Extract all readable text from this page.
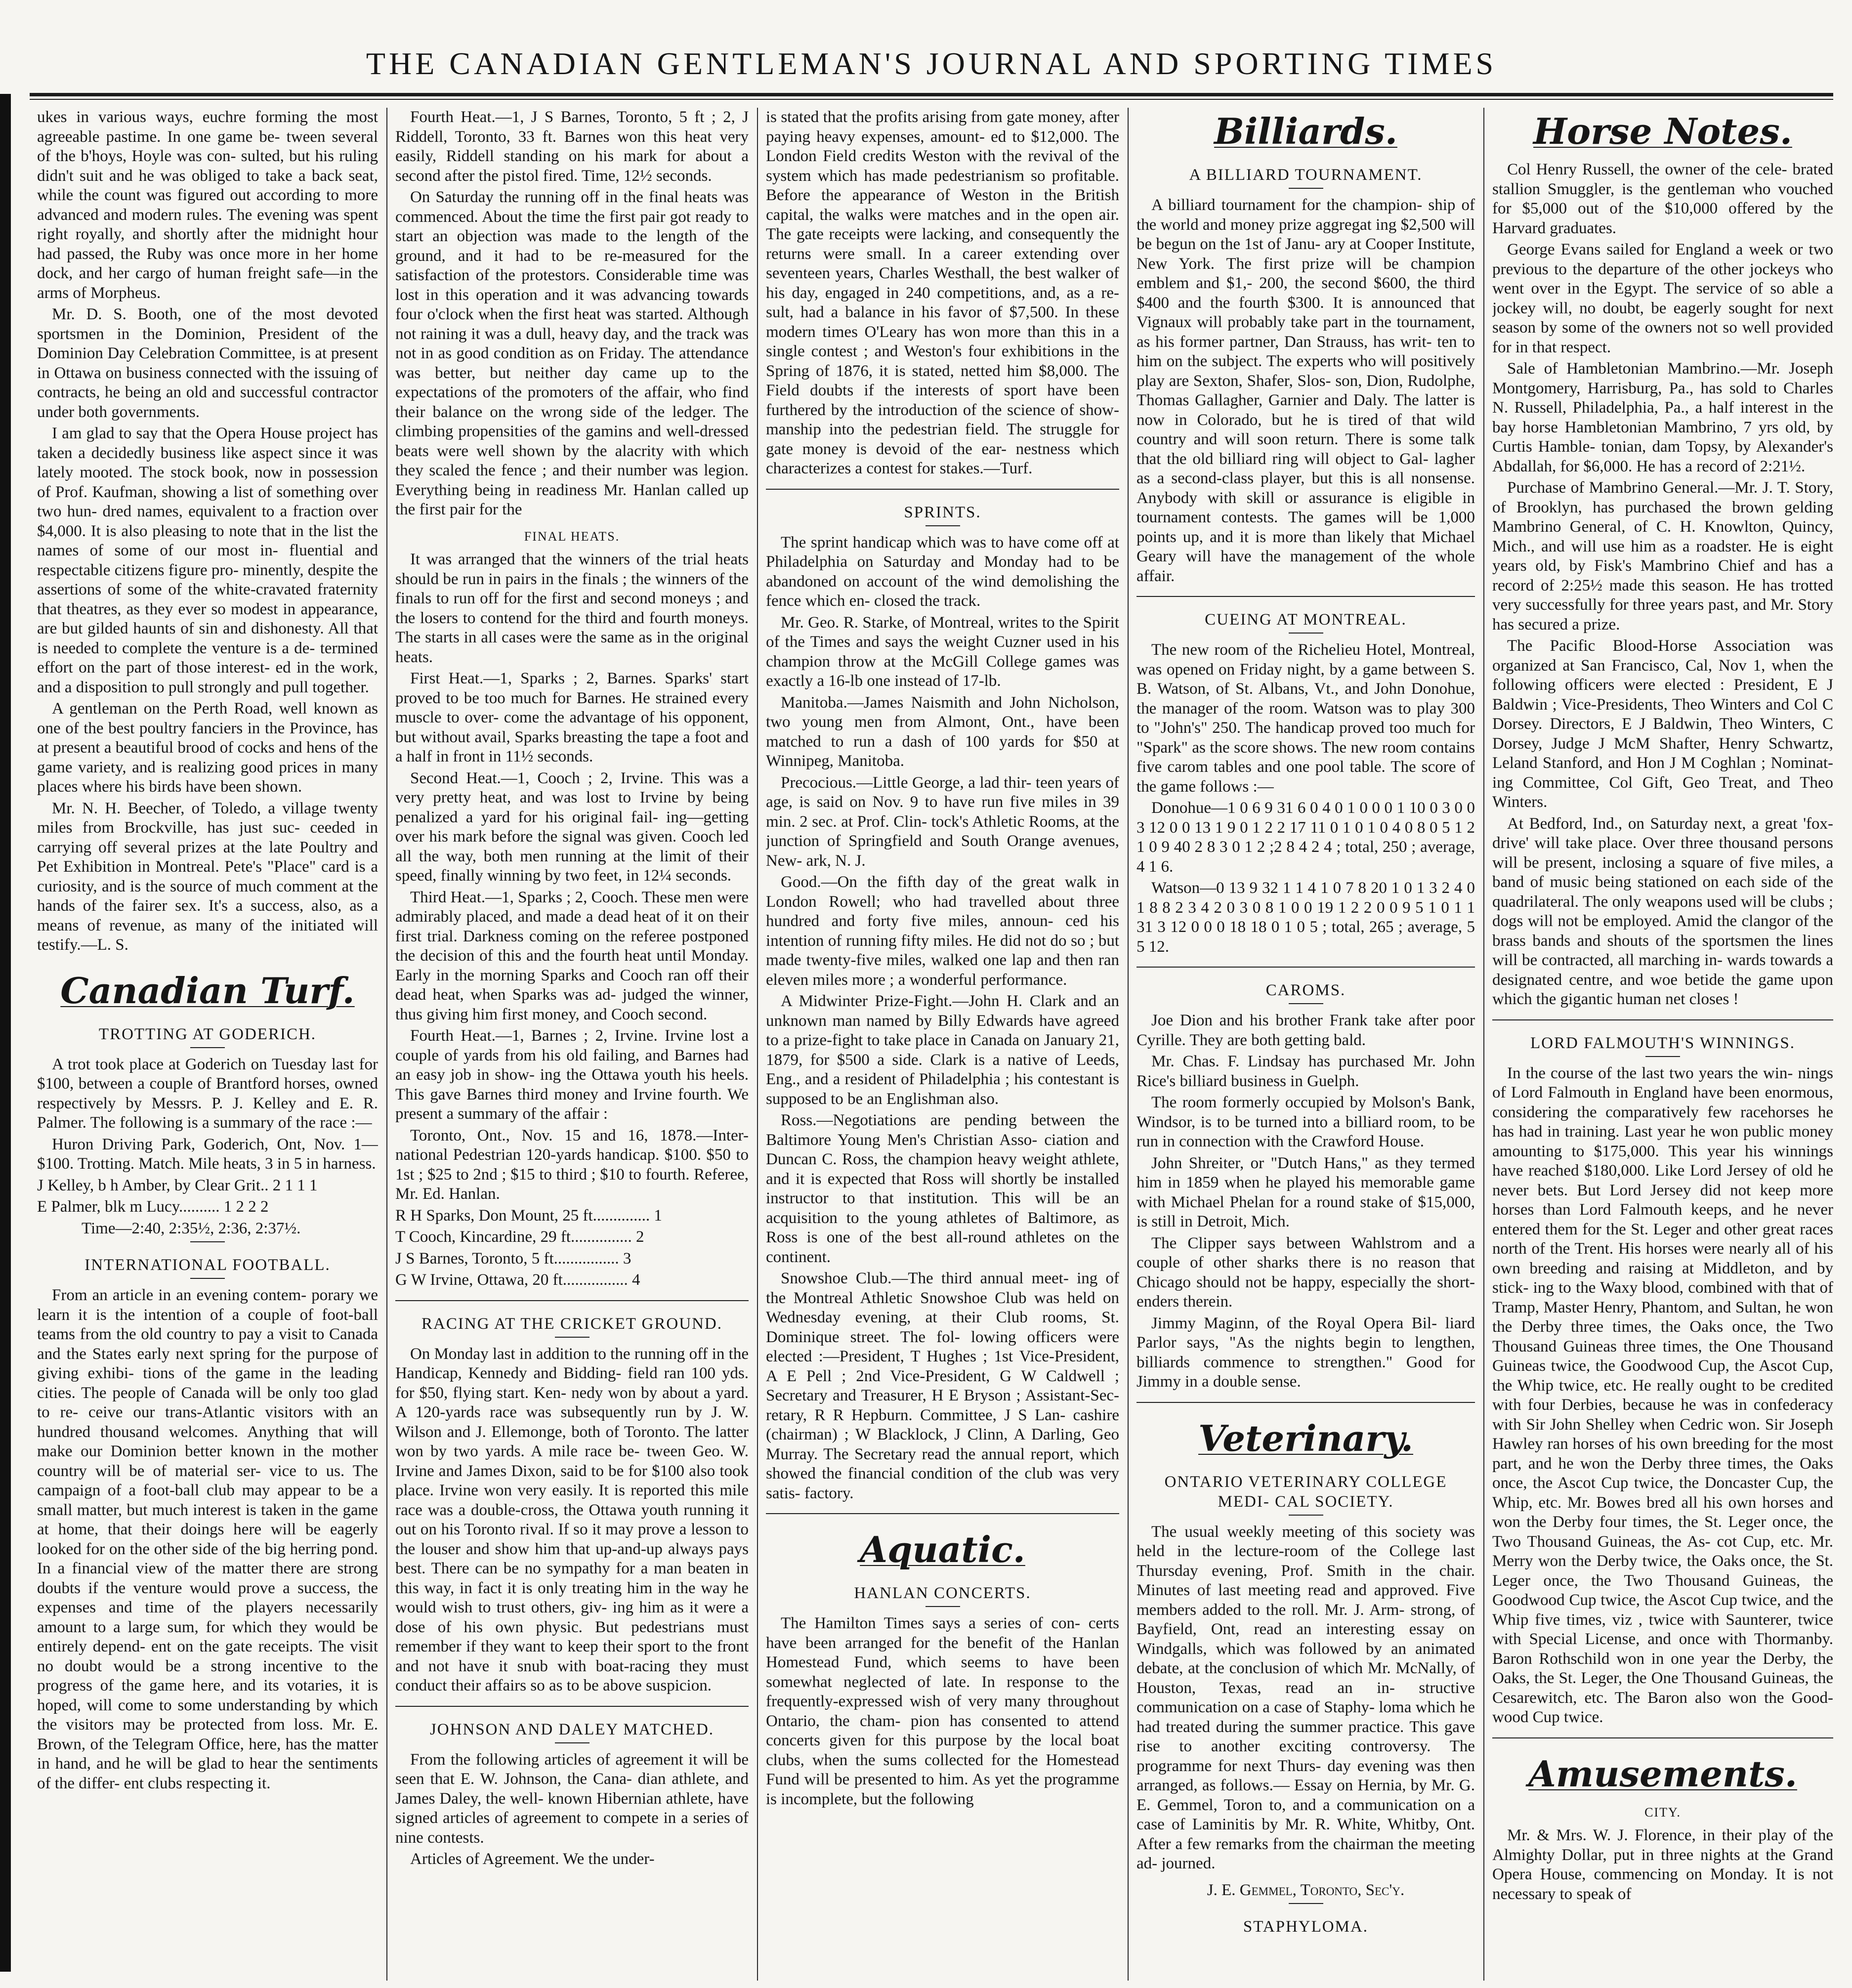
THE CANADIAN GENTLEMAN'S JOURNAL AND SPORTING TIMES

ukes in various ways, euchre forming the most agreeable pastime. In one game be- tween several of the b'hoys, Hoyle was con- sulted, but his ruling didn't suit and he was obliged to take a back seat, while the count was figured out according to more advanced and modern rules. The evening was spent right royally, and shortly after the midnight hour had passed, the Ruby was once more in her home dock, and her cargo of human freight safe—in the arms of Morpheus.

Mr. D. S. Booth, one of the most devoted sportsmen in the Dominion, President of the Dominion Day Celebration Committee, is at present in Ottawa on business connected with the issuing of contracts, he being an old and successful contractor under both governments.

I am glad to say that the Opera House project has taken a decidedly business like aspect since it was lately mooted. The stock book, now in possession of Prof. Kaufman, showing a list of something over two hun- dred names, equivalent to a fraction over $4,000. It is also pleasing to note that in the list the names of some of our most in- fluential and respectable citizens figure pro- minently, despite the assertions of some of the white-cravated fraternity that theatres, as they ever so modest in appearance, are but gilded haunts of sin and dishonesty. All that is needed to complete the venture is a de- termined effort on the part of those interest- ed in the work, and a disposition to pull strongly and pull together.

A gentleman on the Perth Road, well known as one of the best poultry fanciers in the Province, has at present a beautiful brood of cocks and hens of the game variety, and is realizing good prices in many places where his birds have been shown.

Mr. N. H. Beecher, of Toledo, a village twenty miles from Brockville, has just suc- ceeded in carrying off several prizes at the late Poultry and Pet Exhibition in Montreal. Pete's "Place" card is a curiosity, and is the source of much comment at the hands of the fairer sex. It's a success, also, as a means of revenue, as many of the initiated will testify.—L. S.

Canadian Turf.
TROTTING AT GODERICH.

A trot took place at Goderich on Tuesday last for $100, between a couple of Brantford horses, owned respectively by Messrs. P. J. Kelley and E. R. Palmer. The following is a summary of the race :—

Huron Driving Park, Goderich, Ont, Nov. 1—$100. Trotting. Match. Mile heats, 3 in 5 in harness.

J Kelley, b h Amber, by Clear Grit.. 2 1 1 1

E Palmer, blk m Lucy.......... 1 2 2 2

Time—2:40, 2:35½, 2:36, 2:37½.

INTERNATIONAL FOOTBALL.

From an article in an evening contem- porary we learn it is the intention of a couple of foot-ball teams from the old country to pay a visit to Canada and the States early next spring for the purpose of giving exhibi- tions of the game in the leading cities. The people of Canada will be only too glad to re- ceive our trans-Atlantic visitors with an hundred thousand welcomes. Anything that will make our Dominion better known in the mother country will be of material ser- vice to us. The campaign of a foot-ball club may appear to be a small matter, but much interest is taken in the game at home, that their doings here will be eagerly looked for on the other side of the big herring pond. In a financial view of the matter there are strong doubts if the venture would prove a success, the expenses and time of the players necessarily amount to a large sum, for which they would be entirely depend- ent on the gate receipts. The visit no doubt would be a strong incentive to the progress of the game here, and its votaries, it is hoped, will come to some understanding by which the visitors may be protected from loss. Mr. E. Brown, of the Telegram Office, here, has the matter in hand, and he will be glad to hear the sentiments of the differ- ent clubs respecting it.

Fourth Heat.—1, J S Barnes, Toronto, 5 ft ; 2, J Riddell, Toronto, 33 ft. Barnes won this heat very easily, Riddell standing on his mark for about a second after the pistol fired. Time, 12½ seconds.

On Saturday the running off in the final heats was commenced. About the time the first pair got ready to start an objection was made to the length of the ground, and it had to be re-measured for the satisfaction of the protestors. Considerable time was lost in this operation and it was advancing towards four o'clock when the first heat was started. Although not raining it was a dull, heavy day, and the track was not in as good condition as on Friday. The attendance was better, but neither day came up to the expectations of the promoters of the affair, who find their balance on the wrong side of the ledger. The climbing propensities of the gamins and well-dressed beats were well shown by the alacrity with which they scaled the fence ; and their number was legion. Everything being in readiness Mr. Hanlan called up the first pair for the

FINAL HEATS.

It was arranged that the winners of the trial heats should be run in pairs in the finals ; the winners of the finals to run off for the first and second moneys ; and the losers to contend for the third and fourth moneys. The starts in all cases were the same as in the original heats.

First Heat.—1, Sparks ; 2, Barnes. Sparks' start proved to be too much for Barnes. He strained every muscle to over- come the advantage of his opponent, but without avail, Sparks breasting the tape a foot and a half in front in 11½ seconds.

Second Heat.—1, Cooch ; 2, Irvine. This was a very pretty heat, and was lost to Irvine by being penalized a yard for his original fail- ing—getting over his mark before the signal was given. Cooch led all the way, both men running at the limit of their speed, finally winning by two feet, in 12¼ seconds.

Third Heat.—1, Sparks ; 2, Cooch. These men were admirably placed, and made a dead heat of it on their first trial. Darkness coming on the referee postponed the decision of this and the fourth heat until Monday. Early in the morning Sparks and Cooch ran off their dead heat, when Sparks was ad- judged the winner, thus giving him first money, and Cooch second.

Fourth Heat.—1, Barnes ; 2, Irvine. Irvine lost a couple of yards from his old failing, and Barnes had an easy job in show- ing the Ottawa youth his heels. This gave Barnes third money and Irvine fourth. We present a summary of the affair :

Toronto, Ont., Nov. 15 and 16, 1878.—Inter- national Pedestrian 120-yards handicap. $100. $50 to 1st ; $25 to 2nd ; $15 to third ; $10 to fourth. Referee, Mr. Ed. Hanlan.

R H Sparks, Don Mount, 25 ft.............. 1

T Cooch, Kincardine, 29 ft............... 2

J S Barnes, Toronto, 5 ft................ 3

G W Irvine, Ottawa, 20 ft................ 4

RACING AT THE CRICKET GROUND.

On Monday last in addition to the running off in the Handicap, Kennedy and Bidding- field ran 100 yds. for $50, flying start. Ken- nedy won by about a yard. A 120-yards race was subsequently run by J. W. Wilson and J. Ellemonge, both of Toronto. The latter won by two yards. A mile race be- tween Geo. W. Irvine and James Dixon, said to be for $100 also took place. Irvine won very easily. It is reported this mile race was a double-cross, the Ottawa youth running it out on his Toronto rival. If so it may prove a lesson to the louser and show him that up-and-up always pays best. There can be no sympathy for a man beaten in this way, in fact it is only treating him in the way he would wish to trust others, giv- ing him as it were a dose of his own physic. But pedestrians must remember if they want to keep their sport to the front and not have it snub with boat-racing they must conduct their affairs so as to be above suspicion.

JOHNSON AND DALEY MATCHED.

From the following articles of agreement it will be seen that E. W. Johnson, the Cana- dian athlete, and James Daley, the well- known Hibernian athlete, have signed articles of agreement to compete in a series of nine contests.

Articles of Agreement. We the under-

is stated that the profits arising from gate money, after paying heavy expenses, amount- ed to $12,000. The London Field credits Weston with the revival of the system which has made pedestrianism so profitable. Before the appearance of Weston in the British capital, the walks were matches and in the open air. The gate receipts were lacking, and consequently the returns were small. In a career extending over seventeen years, Charles Westhall, the best walker of his day, engaged in 240 competitions, and, as a re- sult, had a balance in his favor of $7,500. In these modern times O'Leary has won more than this in a single contest ; and Weston's four exhibitions in the Spring of 1876, it is stated, netted him $8,000. The Field doubts if the interests of sport have been furthered by the introduction of the science of show- manship into the pedestrian field. The struggle for gate money is devoid of the ear- nestness which characterizes a contest for stakes.—Turf.

SPRINTS.

The sprint handicap which was to have come off at Philadelphia on Saturday and Monday had to be abandoned on account of the wind demolishing the fence which en- closed the track.

Mr. Geo. R. Starke, of Montreal, writes to the Spirit of the Times and says the weight Cuzner used in his champion throw at the McGill College games was exactly a 16-lb one instead of 17-lb.

Manitoba.—James Naismith and John Nicholson, two young men from Almont, Ont., have been matched to run a dash of 100 yards for $50 at Winnipeg, Manitoba.

Precocious.—Little George, a lad thir- teen years of age, is said on Nov. 9 to have run five miles in 39 min. 2 sec. at Prof. Clin- tock's Athletic Rooms, at the junction of Springfield and South Orange avenues, New- ark, N. J.

Good.—On the fifth day of the great walk in London Rowell; who had travelled about three hundred and forty five miles, announ- ced his intention of running fifty miles. He did not do so ; but made twenty-five miles, walked one lap and then ran eleven miles more ; a wonderful performance.

A Midwinter Prize-Fight.—John H. Clark and an unknown man named by Billy Edwards have agreed to a prize-fight to take place in Canada on January 21, 1879, for $500 a side. Clark is a native of Leeds, Eng., and a resident of Philadelphia ; his contestant is supposed to be an Englishman also.

Ross.—Negotiations are pending between the Baltimore Young Men's Christian Asso- ciation and Duncan C. Ross, the champion heavy weight athlete, and it is expected that Ross will shortly be installed instructor to that institution. This will be an acquisition to the young athletes of Baltimore, as Ross is one of the best all-round athletes on the continent.

Snowshoe Club.—The third annual meet- ing of the Montreal Athletic Snowshoe Club was held on Wednesday evening, at their Club rooms, St. Dominique street. The fol- lowing officers were elected :—President, T Hughes ; 1st Vice-President, A E Pell ; 2nd Vice-President, G W Caldwell ; Secretary and Treasurer, H E Bryson ; Assistant-Sec- retary, R R Hepburn. Committee, J S Lan- cashire (chairman) ; W Blacklock, J Clinn, A Darling, Geo Murray. The Secretary read the annual report, which showed the financial condition of the club was very satis- factory.

Aquatic.
HANLAN CONCERTS.

The Hamilton Times says a series of con- certs have been arranged for the benefit of the Hanlan Homestead Fund, which seems to have been somewhat neglected of late. In response to the frequently-expressed wish of very many throughout Ontario, the cham- pion has consented to attend concerts given for this purpose by the local boat clubs, when the sums collected for the Homestead Fund will be presented to him. As yet the programme is incomplete, but the following

Billiards.
A BILLIARD TOURNAMENT.

A billiard tournament for the champion- ship of the world and money prize aggregat ing $2,500 will be begun on the 1st of Janu- ary at Cooper Institute, New York. The first prize will be champion emblem and $1,- 200, the second $600, the third $400 and the fourth $300. It is announced that Vignaux will probably take part in the tournament, as his former partner, Dan Strauss, has writ- ten to him on the subject. The experts who will positively play are Sexton, Shafer, Slos- son, Dion, Rudolphe, Thomas Gallagher, Garnier and Daly. The latter is now in Colorado, but he is tired of that wild country and will soon return. There is some talk that the old billiard ring will object to Gal- lagher as a second-class player, but this is all nonsense. Anybody with skill or assurance is eligible in tournament contests. The games will be 1,000 points up, and it is more than likely that Michael Geary will have the management of the whole affair.

CUEING AT MONTREAL.

The new room of the Richelieu Hotel, Montreal, was opened on Friday night, by a game between S. B. Watson, of St. Albans, Vt., and John Donohue, the manager of the room. Watson was to play 300 to "John's" 250. The handicap proved too much for "Spark" as the score shows. The new room contains five carom tables and one pool table. The score of the game follows :—

Donohue—1 0 6 9 31 6 0 4 0 1 0 0 0 1 10 0 3 0 0 3 12 0 0 13 1 9 0 1 2 2 17 11 0 1 0 1 0 4 0 8 0 5 1 2 1 0 9 40 2 8 3 0 1 2 ;2 8 4 2 4 ; total, 250 ; average, 4 1 6.

Watson—0 13 9 32 1 1 4 1 0 7 8 20 1 0 1 3 2 4 0 1 8 8 2 3 4 2 0 3 0 8 1 0 0 19 1 2 2 0 0 9 5 1 0 1 1 31 3 12 0 0 0 18 18 0 1 0 5 ; total, 265 ; average, 5 5 12.

CAROMS.

Joe Dion and his brother Frank take after poor Cyrille. They are both getting bald.

Mr. Chas. F. Lindsay has purchased Mr. John Rice's billiard business in Guelph.

The room formerly occupied by Molson's Bank, Windsor, is to be turned into a billiard room, to be run in connection with the Crawford House.

John Shreiter, or "Dutch Hans," as they termed him in 1859 when he played his memorable game with Michael Phelan for a round stake of $15,000, is still in Detroit, Mich.

The Clipper says between Wahlstrom and a couple of other sharks there is no reason that Chicago should not be happy, especially the short-enders therein.

Jimmy Maginn, of the Royal Opera Bil- liard Parlor says, "As the nights begin to lengthen, billiards commence to strengthen." Good for Jimmy in a double sense.

Veterinary.
ONTARIO VETERINARY COLLEGE MEDI- CAL SOCIETY.

The usual weekly meeting of this society was held in the lecture-room of the College last Thursday evening, Prof. Smith in the chair. Minutes of last meeting read and approved. Five members added to the roll. Mr. J. Arm- strong, of Bayfield, Ont, read an interesting essay on Windgalls, which was followed by an animated debate, at the conclusion of which Mr. McNally, of Houston, Texas, read an in- structive communication on a case of Staphy- loma which he had treated during the summer practice. This gave rise to another exciting controversy. The programme for next Thurs- day evening was then arranged, as follows.— Essay on Hernia, by Mr. G. E. Gemmel, Toron to, and a communication on a case of Laminitis by Mr. R. White, Whitby, Ont. After a few remarks from the chairman the meeting ad- journed.

J. E. Gemmel, Toronto, Sec'y.
STAPHYLOMA.
Horse Notes.

Col Henry Russell, the owner of the cele- brated stallion Smuggler, is the gentleman who vouched for $5,000 out of the $10,000 offered by the Harvard graduates.

George Evans sailed for England a week or two previous to the departure of the other jockeys who went over in the Egypt. The service of so able a jockey will, no doubt, be eagerly sought for next season by some of the owners not so well provided for in that respect.

Sale of Hambletonian Mambrino.—Mr. Joseph Montgomery, Harrisburg, Pa., has sold to Charles N. Russell, Philadelphia, Pa., a half interest in the bay horse Hambletonian Mambrino, 7 yrs old, by Curtis Hamble- tonian, dam Topsy, by Alexander's Abdallah, for $6,000. He has a record of 2:21½.

Purchase of Mambrino General.—Mr. J. T. Story, of Brooklyn, has purchased the brown gelding Mambrino General, of C. H. Knowlton, Quincy, Mich., and will use him as a roadster. He is eight years old, by Fisk's Mambrino Chief and has a record of 2:25½ made this season. He has trotted very successfully for three years past, and Mr. Story has secured a prize.

The Pacific Blood-Horse Association was organized at San Francisco, Cal, Nov 1, when the following officers were elected : President, E J Baldwin ; Vice-Presidents, Theo Winters and Col C Dorsey. Directors, E J Baldwin, Theo Winters, C Dorsey, Judge J McM Shafter, Henry Schwartz, Leland Stanford, and Hon J M Coghlan ; Nominat- ing Committee, Col Gift, Geo Treat, and Theo Winters.

At Bedford, Ind., on Saturday next, a great 'fox-drive' will take place. Over three thousand persons will be present, inclosing a square of five miles, a band of music being stationed on each side of the quadrilateral. The only weapons used will be clubs ; dogs will not be employed. Amid the clangor of the brass bands and shouts of the sportsmen the lines will be contracted, all marching in- wards towards a designated centre, and woe betide the game upon which the gigantic human net closes !

LORD FALMOUTH'S WINNINGS.

In the course of the last two years the win- nings of Lord Falmouth in England have been enormous, considering the comparatively few racehorses he has had in training. Last year he won public money amounting to $175,000. This year his winnings have reached $180,000. Like Lord Jersey of old he never bets. But Lord Jersey did not keep more horses than Lord Falmouth keeps, and he never entered them for the St. Leger and other great races north of the Trent. His horses were nearly all of his own breeding and raising at Middleton, and by stick- ing to the Waxy blood, combined with that of Tramp, Master Henry, Phantom, and Sultan, he won the Derby three times, the Oaks once, the Two Thousand Guineas three times, the One Thousand Guineas twice, the Goodwood Cup, the Ascot Cup, the Whip twice, etc. He really ought to be credited with four Derbies, because he was in confederacy with Sir John Shelley when Cedric won. Sir Joseph Hawley ran horses of his own breeding for the most part, and he won the Derby three times, the Oaks once, the Ascot Cup twice, the Doncaster Cup, the Whip, etc. Mr. Bowes bred all his own horses and won the Derby four times, the St. Leger once, the Two Thousand Guineas, the As- cot Cup, etc. Mr. Merry won the Derby twice, the Oaks once, the St. Leger once, the Two Thousand Guineas, the Goodwood Cup twice, the Ascot Cup twice, and the Whip five times, viz , twice with Saunterer, twice with Special License, and once with Thormanby. Baron Rothschild won in one year the Derby, the Oaks, the St. Leger, the One Thousand Guineas, the Cesarewitch, etc. The Baron also won the Good- wood Cup twice.

Amusements.
CITY.

Mr. & Mrs. W. J. Florence, in their play of the Almighty Dollar, put in three nights at the Grand Opera House, commencing on Monday. It is not necessary to speak of
